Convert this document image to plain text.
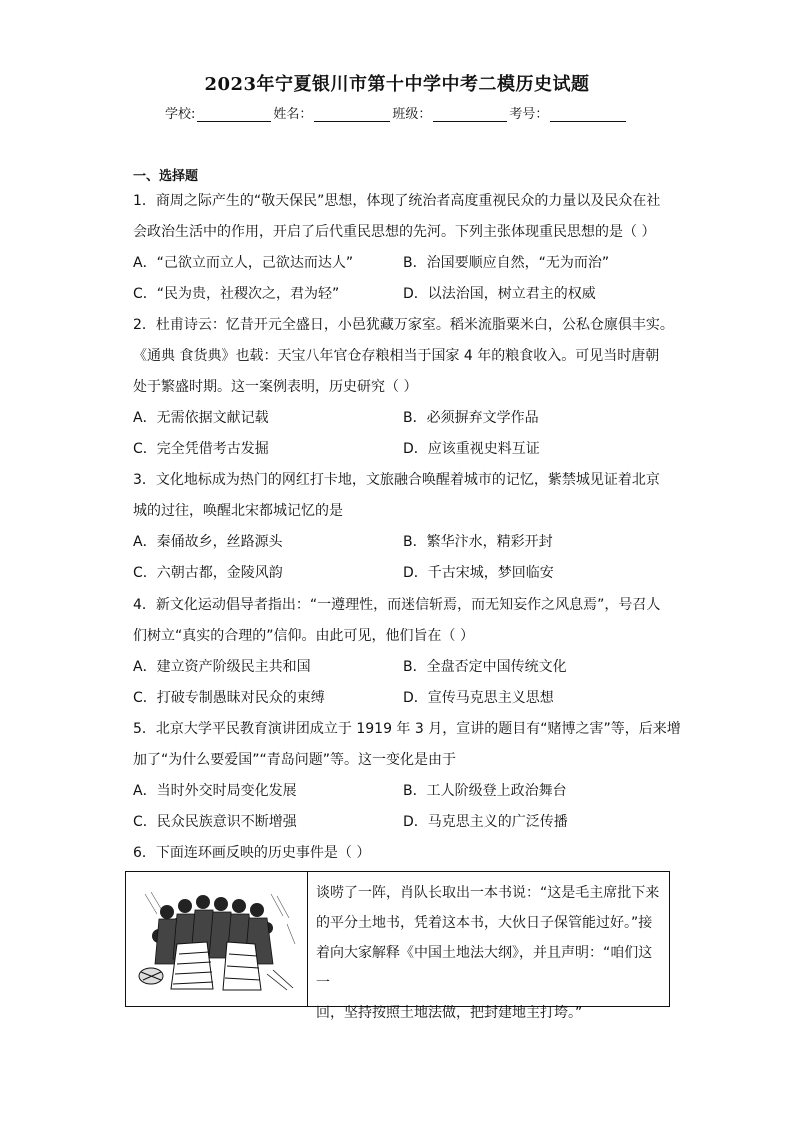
2023年宁夏银川市第十中学中考二模历史试题
学校:	姓名：	班级：	考号：
一、选择题
1．商周之际产生的“敬天保民”思想，体现了统治者高度重视民众的力量以及民众在社
会政治生活中的作用，开启了后代重民思想的先河。下列主张体现重民思想的是（ ）
A．“己欲立而立人，己欲达而达人”	B．治国要顺应自然，“无为而治”
C．“民为贵，社稷次之，君为轻”	D．以法治国，树立君主的权威
2．杜甫诗云：忆昔开元全盛日，小邑犹藏万家室。稻米流脂粟米白，公私仓廪俱丰实。
《通典 食货典》也载：天宝八年官仓存粮相当于国家 4 年的粮食收入。可见当时唐朝
处于繁盛时期。这一案例表明，历史研究（ ）
A．无需依据文献记载	B．必须摒弃文学作品
C．完全凭借考古发掘	D．应该重视史料互证
3．文化地标成为热门的网红打卡地，文旅融合唤醒着城市的记忆，紫禁城见证着北京
城的过往，唤醒北宋都城记忆的是
A．秦俑故乡，丝路源头	B．繁华汴水，精彩开封
C．六朝古都，金陵风韵	D．千古宋城，梦回临安
4．新文化运动倡导者指出：“一遵理性，而迷信斩焉，而无知妄作之风息焉”，号召人
们树立“真实的合理的”信仰。由此可见，他们旨在（ ）
A．建立资产阶级民主共和国	B．全盘否定中国传统文化
C．打破专制愚昧对民众的束缚	D．宣传马克思主义思想
5．北京大学平民教育演讲团成立于 1919 年 3 月，宣讲的题目有“赌博之害”等，后来增
加了“为什么要爱国”“青岛问题”等。这一变化是由于
A．当时外交时局变化发展	B．工人阶级登上政治舞台
C．民众民族意识不断增强	D．马克思主义的广泛传播
6．下面连环画反映的历史事件是（ ）
谈唠了一阵，肖队长取出一本书说：“这是毛主席批下来
的平分土地书，凭着这本书，大伙日子保管能过好。”接
着向大家解释《中国土地法大纲》，并且声明：“咱们这一
回，坚持按照土地法做，把封建地主打垮。”
